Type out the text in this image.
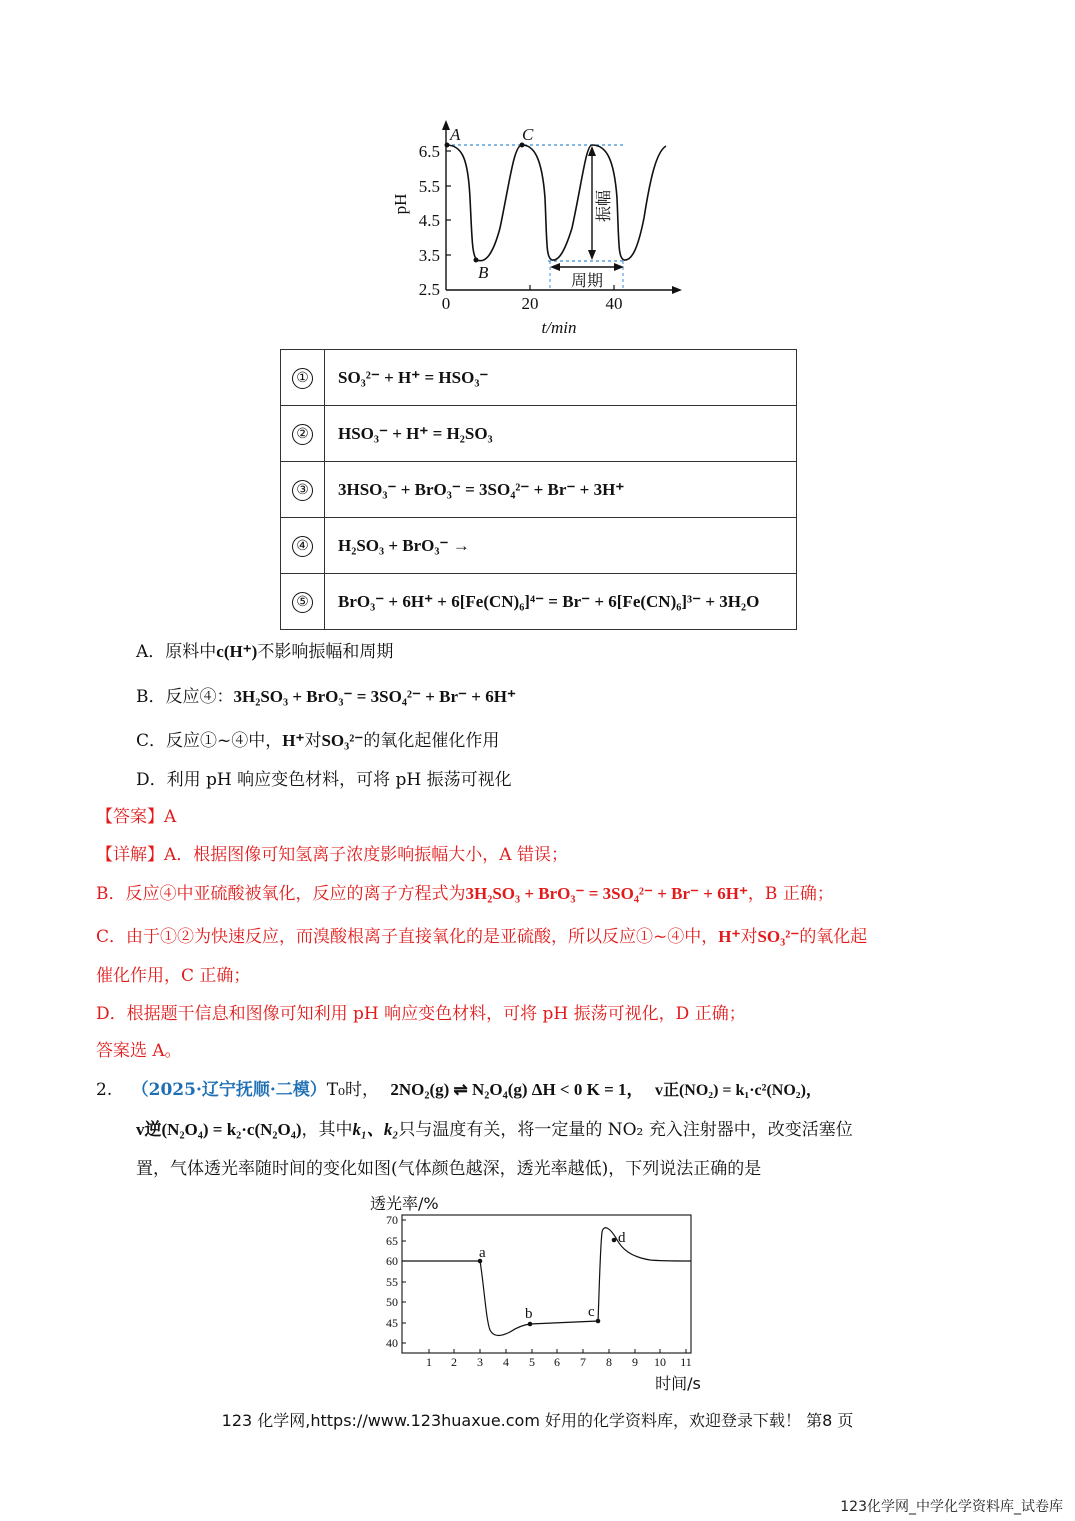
6.5
5.5
4.5
3.5
2.5
0	20	40
pH
t/min
A
B
C
振幅
周期
①	SO₃²⁻ + H⁺ = HSO₃⁻
②	HSO₃⁻ + H⁺ = H₂SO₃
③	3HSO₃⁻ + BrO₃⁻ = 3SO₄²⁻ + Br⁻ + 3H⁺
④	H₂SO₃ + BrO₃⁻ →
⑤	BrO₃⁻ + 6H⁺ + 6[Fe(CN)₆]⁴⁻ = Br⁻ + 6[Fe(CN)₆]³⁻ + 3H₂O
A．原料中c(H⁺)不影响振幅和周期
B．反应④：3H₂SO₃ + BrO₃⁻ = 3SO₄²⁻ + Br⁻ + 6H⁺
C．反应①~④中，H⁺对SO₃²⁻的氧化起催化作用
D．利用 pH 响应变色材料，可将 pH 振荡可视化
【答案】A
【详解】A．根据图像可知氢离子浓度影响振幅大小，A 错误；
B．反应④中亚硫酸被氧化，反应的离子方程式为3H₂SO₃ + BrO₃⁻ = 3SO₄²⁻ + Br⁻ + 6H⁺，B 正确；
C．由于①②为快速反应，而溴酸根离子直接氧化的是亚硫酸，所以反应①~④中，H⁺对SO₃²⁻的氧化起
催化作用，C 正确；
D．根据题干信息和图像可知利用 pH 响应变色材料，可将 pH 振荡可视化，D 正确；
答案选 A。
2. （2025·辽宁抚顺·二模）T₀时， 2NO₂(g) ⇌ N₂O₄(g) ΔH < 0 K = 1， v正(NO₂) = k₁·c²(NO₂)，
v逆(N₂O₄) = k₂·c(N₂O₄)，其中k₁、k₂只与温度有关，将一定量的 NO₂ 充入注射器中，改变活塞位
置，气体透光率随时间的变化如图(气体颜色越深，透光率越低)，下列说法正确的是
透光率/%
70
65
60
55
50
45
40
1 2 3 4 5 6 7 8 9 10 11
时间/s
a
b	c
d
123 化学网,https://www.123huaxue.com 好用的化学资料库，欢迎登录下载！ 第8 页
123化学网_中学化学资料库_试卷库
